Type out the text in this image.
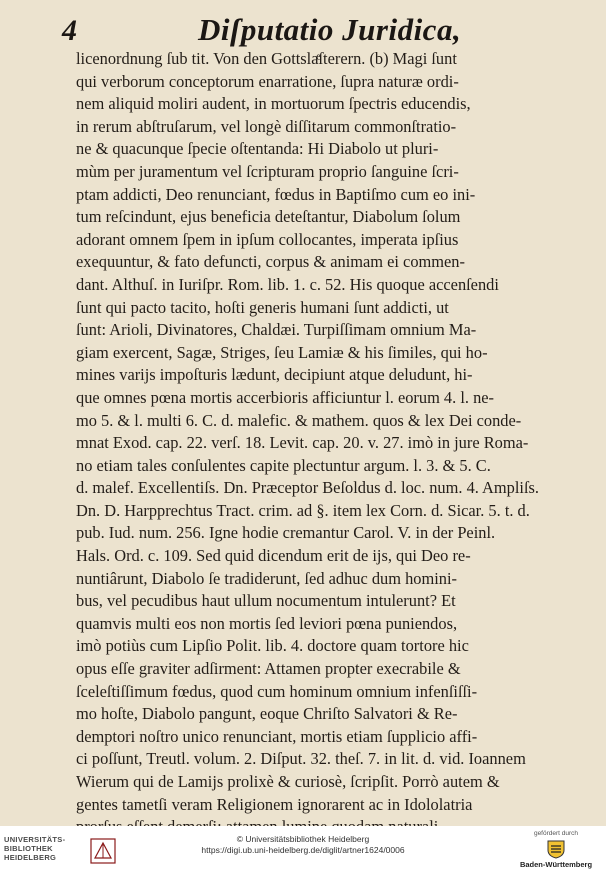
4	Diſputatio Juridica,
licenordnung ſub tit. Von den Gottslaͤſterern. (b) Magi ſunt
qui verborum conceptorum enarratione, ſupra naturæ ordi-
nem aliquid moliri audent, in mortuorum ſpectris educendis,
in rerum abſtruſarum, vel longè diſſitarum commonſtratio-
ne & quacunque ſpecie oſtentanda: Hi Diabolo ut pluri-
mùm per juramentum vel ſcripturam proprio ſanguine ſcri-
ptam addicti, Deo renunciant, fœdus in Baptiſmo cum eo ini-
tum reſcindunt, ejus beneficia deteſtantur, Diabolum ſolum
adorant omnem ſpem in ipſum collocantes, imperata ipſius
exequuntur, & fato defuncti, corpus & animam ei commen-
dant. Althuſ. in Iuriſpr. Rom. lib. 1. c. 52. His quoque accenſendi
ſunt qui pacto tacito, hoſti generis humani ſunt addicti, ut
ſunt: Arioli, Divinatores, Chaldæi. Turpiſſimam omnium Ma-
giam exercent, Sagæ, Striges, ſeu Lamiæ & his ſimiles, qui ho-
mines varijs impoſturis lædunt, decipiunt atque deludunt, hi-
que omnes pœna mortis accerbioris afficiuntur l. eorum 4. l. ne-
mo 5. & l. multi 6. C. d. malefic. & mathem. quos & lex Dei conde-
mnat Exod. cap. 22. verſ. 18. Levit. cap. 20. v. 27. imò in jure Roma-
no etiam tales conſulentes capite plectuntur argum. l. 3. & 5. C.
d. malef. Excellentiſs. Dn. Præceptor Beſoldus d. loc. num. 4. Ampliſs.
Dn. D. Harpprechtus Tract. crim. ad §. item lex Corn. d. Sicar. 5. t. d.
pub. Iud. num. 256. Igne hodie cremantur Carol. V. in der Peinl.
Hals. Ord. c. 109. Sed quid dicendum erit de ijs, qui Deo re-
nuntiârunt, Diabolo ſe tradiderunt, ſed adhuc dum homini-
bus, vel pecudibus haut ullum nocumentum intulerunt? Et
quamvis multi eos non mortis ſed leviori pœna puniendos,
imò potiùs cum Lipſio Polit. lib. 4. doctore quam tortore hic
opus eſſe graviter adſirment: Attamen propter execrabile &
ſceleſtiſſimum fœdus, quod cum hominum omnium infenſiſſi-
mo hoſte, Diabolo pangunt, eoque Chriſto Salvatori & Re-
demptori noſtro unico renunciant, mortis etiam ſupplicio affi-
ci poſſunt, Treutl. volum. 2. Diſput. 32. theſ. 7. in lit. d. vid. Ioannem
Wierum qui de Lamijs prolixè & curiosè, ſcripſit. Porrò autem &
gentes tametſi veram Religionem ignorarent ac in Idololatria
UNIVERSITÄTS-
BIBLIOTHEK
HEIDELBERG
© Universitätsbibliothek Heidelberg
https://digi.ub.uni-heidelberg.de/diglit/artner1624/0006
gefördert durch
Baden-Württemberg
